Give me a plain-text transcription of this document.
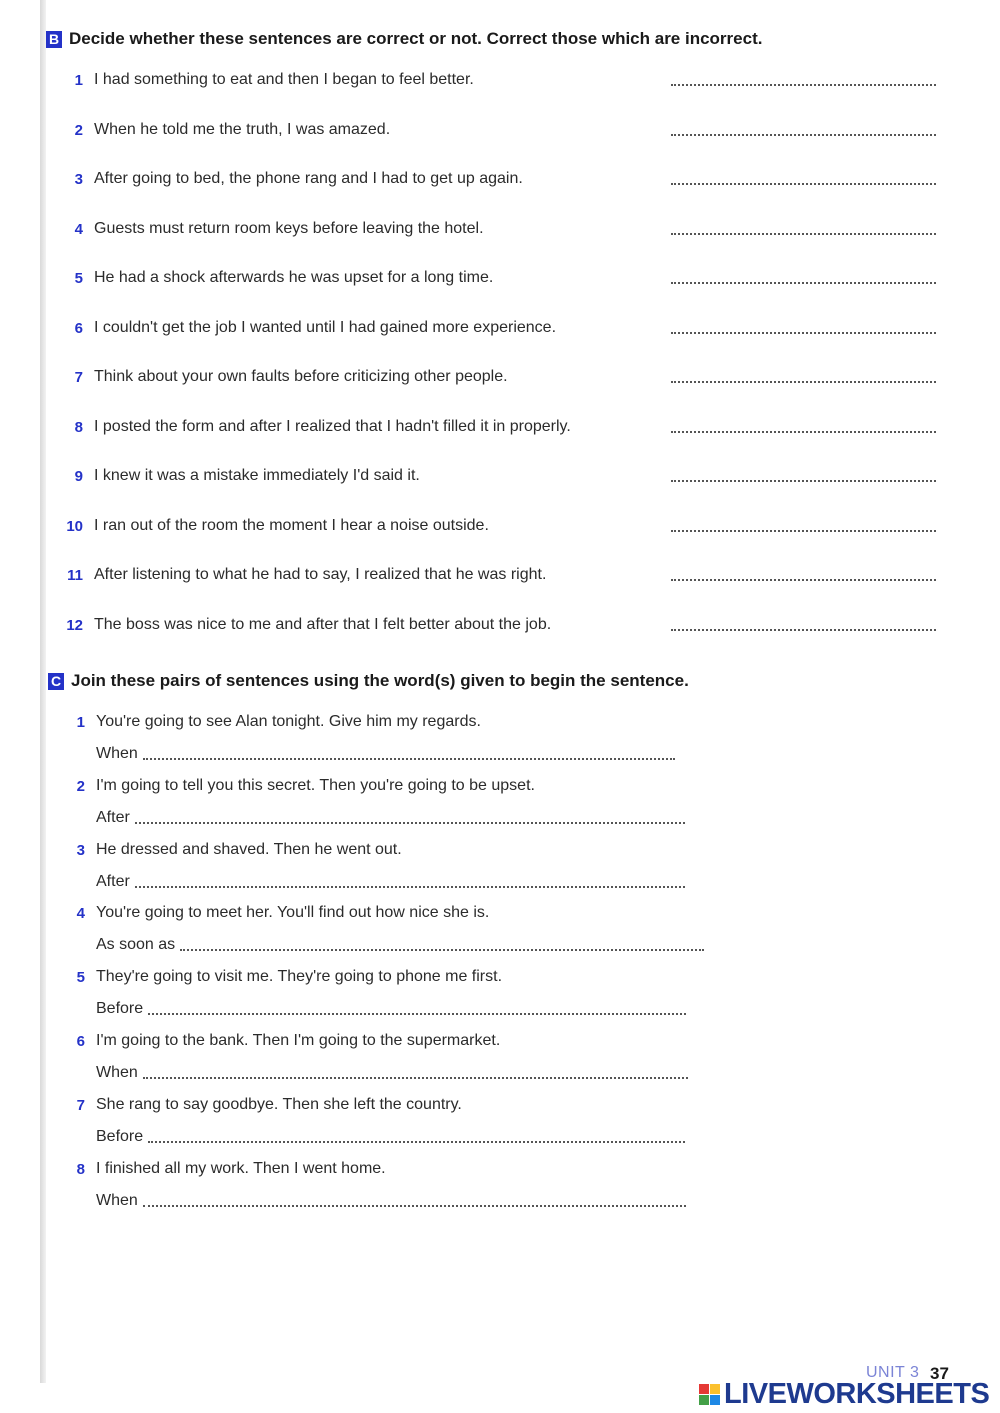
B Decide whether these sentences are correct or not. Correct those which are incorrect.
1 I had something to eat and then I began to feel better.
2 When he told me the truth, I was amazed.
3 After going to bed, the phone rang and I had to get up again.
4 Guests must return room keys before leaving the hotel.
5 He had a shock afterwards he was upset for a long time.
6 I couldn't get the job I wanted until I had gained more experience.
7 Think about your own faults before criticizing other people.
8 I posted the form and after I realized that I hadn't filled it in properly.
9 I knew it was a mistake immediately I'd said it.
10 I ran out of the room the moment I hear a noise outside.
11 After listening to what he had to say, I realized that he was right.
12 The boss was nice to me and after that I felt better about the job.
C Join these pairs of sentences using the word(s) given to begin the sentence.
1 You're going to see Alan tonight. Give him my regards.
When
2 I'm going to tell you this secret. Then you're going to be upset.
After
3 He dressed and shaved. Then he went out.
After
4 You're going to meet her. You'll find out how nice she is.
As soon as
5 They're going to visit me. They're going to phone me first.
Before
6 I'm going to the bank. Then I'm going to the supermarket.
When
7 She rang to say goodbye. Then she left the country.
Before
8 I finished all my work. Then I went home.
When
UNIT 3 37
LIVEWORKSHEETS
